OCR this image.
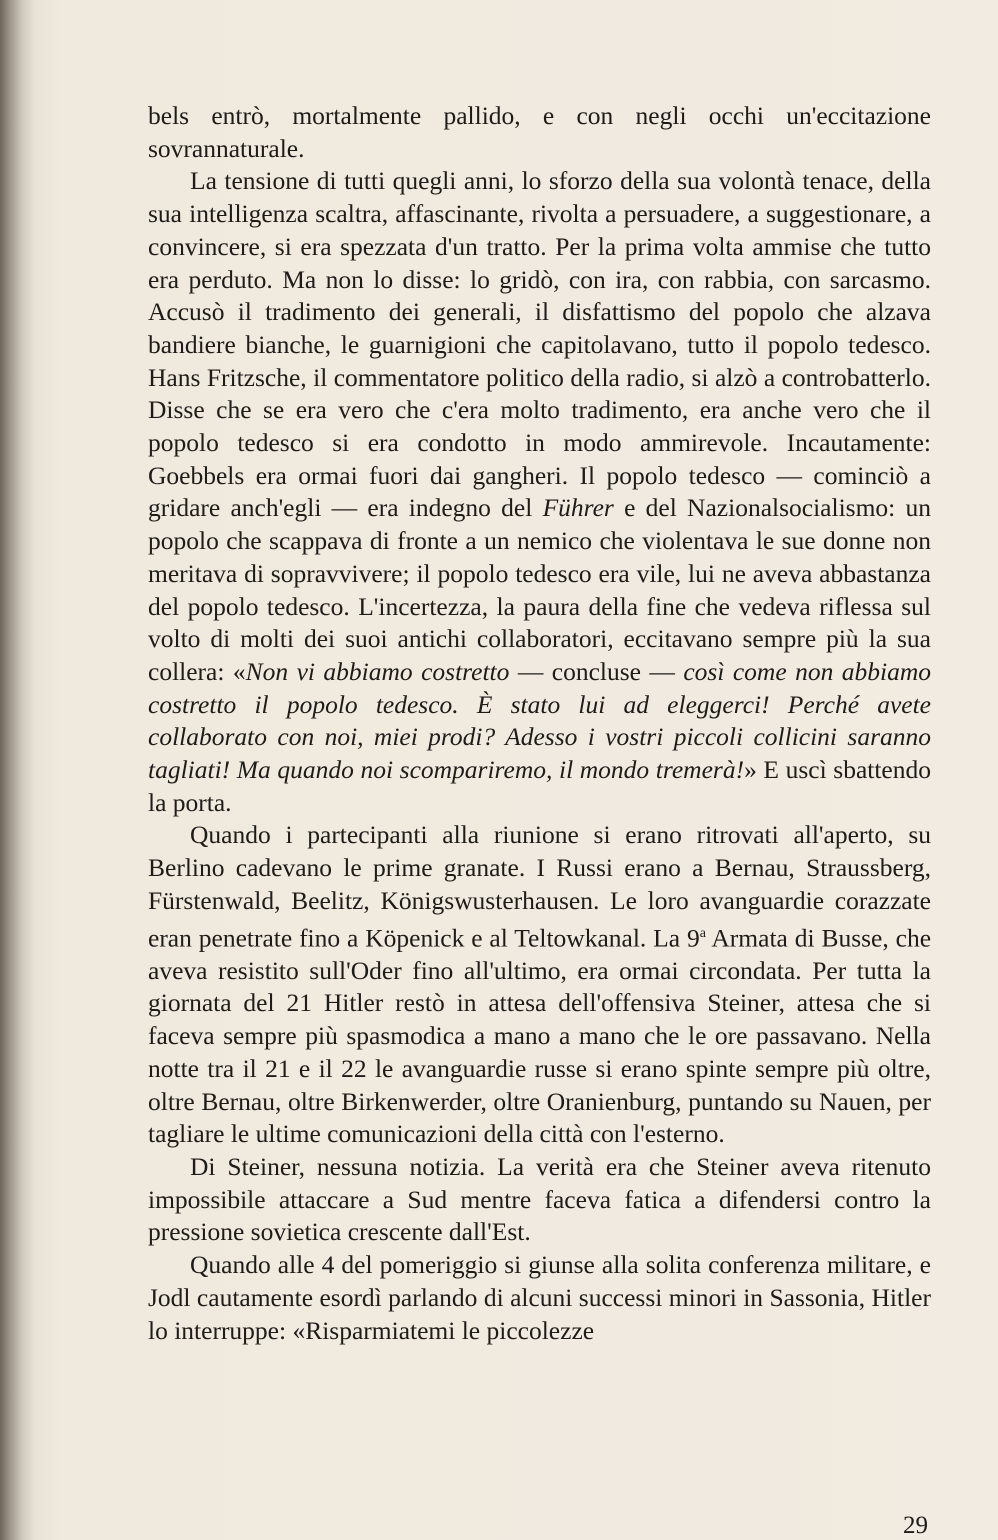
bels entrò, mortalmente pallido, e con negli occhi un'eccitazione sovrannaturale.

La tensione di tutti quegli anni, lo sforzo della sua volontà tenace, della sua intelligenza scaltra, affascinante, rivolta a persuadere, a suggestionare, a convincere, si era spezzata d'un tratto. Per la prima volta ammise che tutto era perduto. Ma non lo disse: lo gridò, con ira, con rabbia, con sarcasmo. Accusò il tradimento dei generali, il disfattismo del popolo che alzava bandiere bianche, le guarnigioni che capitolavano, tutto il popolo tedesco. Hans Fritzsche, il commentatore politico della radio, si alzò a controbatterlo. Disse che se era vero che c'era molto tradimento, era anche vero che il popolo tedesco si era condotto in modo ammirevole. Incautamente: Goebbels era ormai fuori dai gangheri. Il popolo tedesco — cominciò a gridare anch'egli — era indegno del Führer e del Nazionalsocialismo: un popolo che scappava di fronte a un nemico che violentava le sue donne non meritava di sopravvivere; il popolo tedesco era vile, lui ne aveva abbastanza del popolo tedesco. L'incertezza, la paura della fine che vedeva riflessa sul volto di molti dei suoi antichi collaboratori, eccitavano sempre più la sua collera: «Non vi abbiamo costretto — concluse — così come non abbiamo costretto il popolo tedesco. È stato lui ad eleggerci! Perché avete collaborato con noi, miei prodi? Adesso i vostri piccoli collicini saranno tagliati! Ma quando noi scompariremo, il mondo tremerà!» E uscì sbattendo la porta.

Quando i partecipanti alla riunione si erano ritrovati all'aperto, su Berlino cadevano le prime granate. I Russi erano a Bernau, Straussberg, Fürstenwald, Beelitz, Königswusterhausen. Le loro avanguardie corazzate eran penetrate fino a Köpenick e al Teltowkanal. La 9$^a$ Armata di Busse, che aveva resistito sull'Oder fino all'ultimo, era ormai circondata. Per tutta la giornata del 21 Hitler restò in attesa dell'offensiva Steiner, attesa che si faceva sempre più spasmodica a mano a mano che le ore passavano. Nella notte tra il 21 e il 22 le avanguardie russe si erano spinte sempre più oltre, oltre Bernau, oltre Birkenwerder, oltre Oranienburg, puntando su Nauen, per tagliare le ultime comunicazioni della città con l'esterno.

Di Steiner, nessuna notizia. La verità era che Steiner aveva ritenuto impossibile attaccare a Sud mentre faceva fatica a difendersi contro la pressione sovietica crescente dall'Est.

Quando alle 4 del pomeriggio si giunse alla solita conferenza militare, e Jodl cautamente esordì parlando di alcuni successi minori in Sassonia, Hitler lo interruppe: «Risparmiatemi le piccolezze

29
